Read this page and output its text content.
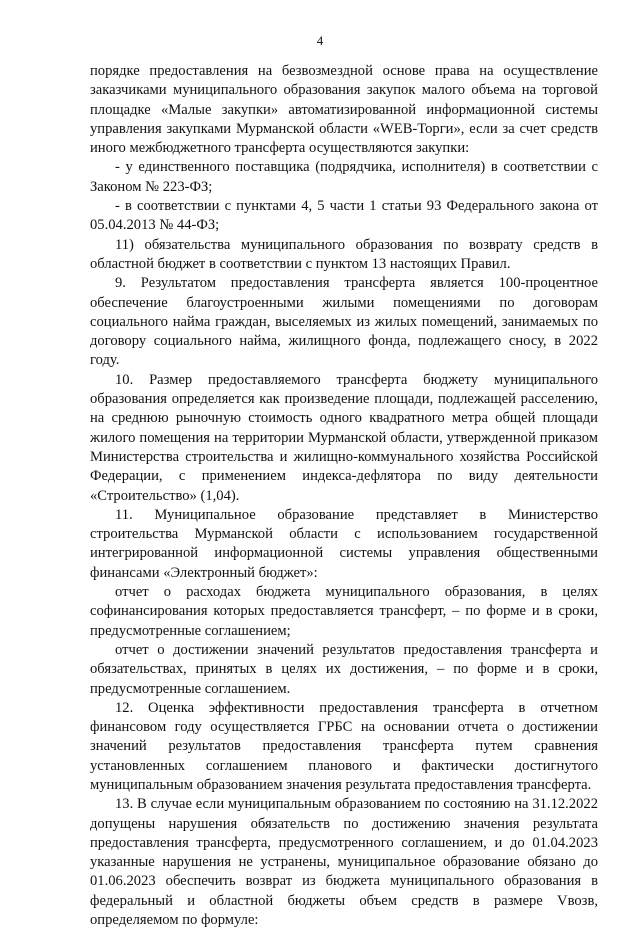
4

порядке предоставления на безвозмездной основе права на осуществление заказчиками муниципального образования закупок малого объема на торговой площадке «Малые закупки» автоматизированной информационной системы управления закупками Мурманской области «WEB-Торги», если за счет средств иного межбюджетного трансферта осуществляются закупки:

- у единственного поставщика (подрядчика, исполнителя) в соответствии с Законом № 223-ФЗ;

- в соответствии с пунктами 4, 5 части 1 статьи 93 Федерального закона от 05.04.2013 № 44-ФЗ;

11) обязательства муниципального образования по возврату средств в областной бюджет в соответствии с пунктом 13 настоящих Правил.

9. Результатом предоставления трансферта является 100-процентное обеспечение благоустроенными жилыми помещениями по договорам социального найма граждан, выселяемых из жилых помещений, занимаемых по договору социального найма, жилищного фонда, подлежащего сносу, в 2022 году.

10. Размер предоставляемого трансферта бюджету муниципального образования определяется как произведение площади, подлежащей расселению, на среднюю рыночную стоимость одного квадратного метра общей площади жилого помещения на территории Мурманской области, утвержденной приказом Министерства строительства и жилищно-коммунального хозяйства Российской Федерации, с применением индекса-дефлятора по виду деятельности «Строительство» (1,04).

11. Муниципальное образование представляет в Министерство строительства Мурманской области с использованием государственной интегрированной информационной системы управления общественными финансами «Электронный бюджет»:

отчет о расходах бюджета муниципального образования, в целях софинансирования которых предоставляется трансферт, – по форме и в сроки, предусмотренные соглашением;

отчет о достижении значений результатов предоставления трансферта и обязательствах, принятых в целях их достижения, – по форме и в сроки, предусмотренные соглашением.

12. Оценка эффективности предоставления трансферта в отчетном финансовом году осуществляется ГРБС на основании отчета о достижении значений результатов предоставления трансферта путем сравнения установленных соглашением планового и фактически достигнутого муниципальным образованием значения результата предоставления трансферта.

13. В случае если муниципальным образованием по состоянию на 31.12.2022 допущены нарушения обязательств по достижению значения результата предоставления трансферта, предусмотренного соглашением, и до 01.04.2023 указанные нарушения не устранены, муниципальное образование обязано до 01.06.2023 обеспечить возврат из бюджета муниципального образования в федеральный и областной бюджеты объем средств в размере Vвозв, определяемом по формуле:
